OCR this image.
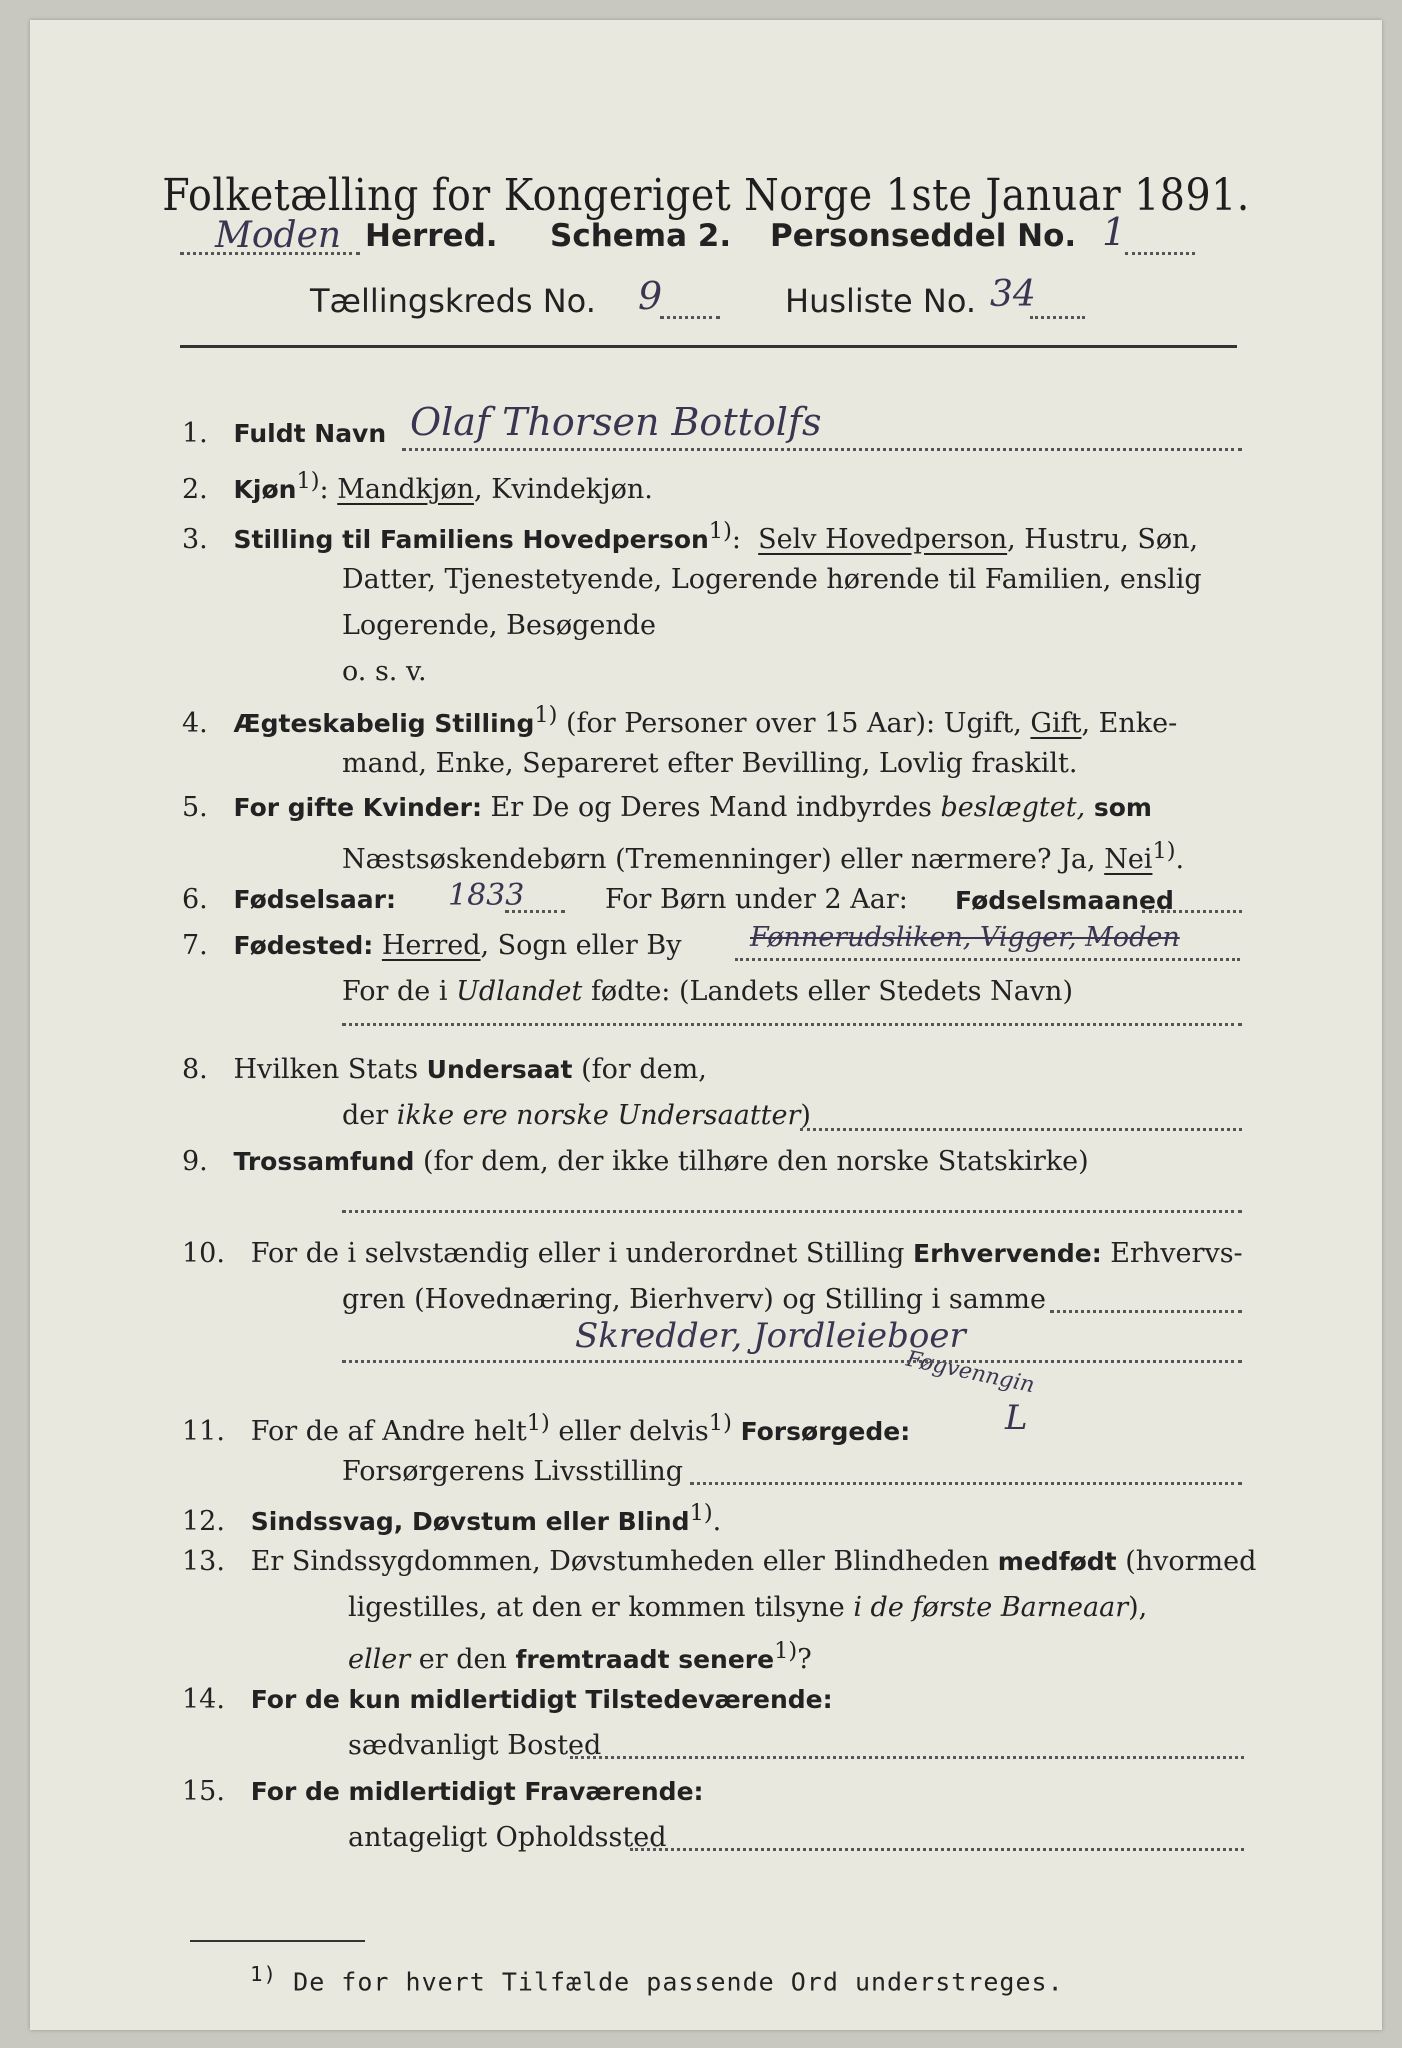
Folketælling for Kongeriget Norge 1ste Januar 1891.
Moden Herred. Schema 2. Personseddel No. 1
Tællingskreds No. 9	Husliste No. 34
1. Fuldt Navn Olaf Thorsen Bottolfs
2. Kjøn$^{1)}$: Mandkjøn, Kvindekjøn.
3. Stilling til Familiens Hovedperson$^{1)}$: Selv Hovedperson, Hustru, Søn,
Datter, Tjenestetyende, Logerende hørende til Familien, enslig
Logerende, Besøgende
o. s. v.
4. Ægteskabelig Stilling$^{1)}$ (for Personer over 15 Aar): Ugift, Gift, Enke-
mand, Enke, Separeret efter Bevilling, Lovlig fraskilt.
5. For gifte Kvinder: Er De og Deres Mand indbyrdes beslægtet, som
Næstsøskendebørn (Tremenninger) eller nærmere? Ja, Nei$^{1)}$.
6. Fødselsaar: 1833	For Børn under 2 Aar: Fødselsmaaned
7. Fødested: Herred, Sogn eller By	Fønnerudsliken, Vigger, Moden
For de i Udlandet fødte: (Landets eller Stedets Navn)
8. Hvilken Stats Undersaat (for dem,
der ikke ere norske Undersaatter)
9. Trossamfund (for dem, der ikke tilhøre den norske Statskirke)
10. For de i selvstændig eller i underordnet Stilling Erhvervende: Erhvervs-
gren (Hovednæring, Bierhverv) og Stilling i samme
Skredder, Jordleieboer
Føgvenngin
11. For de af Andre helt$^{1)}$ eller delvis$^{1)}$ Forsørgede:	L
Forsørgerens Livsstilling
12. Sindssvag, Døvstum eller Blind$^{1)}$.
13. Er Sindssygdommen, Døvstumheden eller Blindheden medfødt (hvormed
ligestilles, at den er kommen tilsyne i de første Barneaar),
eller er den fremtraadt senere$^{1)}$?
14. For de kun midlertidigt Tilstedeværende:
sædvanligt Bosted
15. For de midlertidigt Fraværende:
antageligt Opholdssted
$^{1)}$ De for hvert Tilfælde passende Ord understreges.
